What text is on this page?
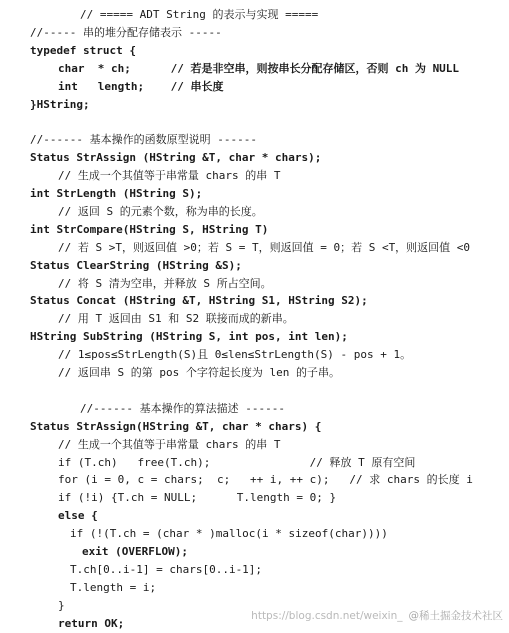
// ===== ADT String 的表示与实现 =====
//----- 串的堆分配存储表示 -----
typedef struct {
char  * ch;      // 若是非空串，则按串长分配存储区，否则 ch 为 NULL
int   length;    // 串长度
}HString;
//------ 基本操作的函数原型说明 ------
Status StrAssign (HString &T, char * chars);
// 生成一个其值等于串常量 chars 的串 T
int StrLength (HString S);
// 返回 S 的元素个数，称为串的长度。
int StrCompare(HString S, HString T)
// 若 S >T，则返回值 >0；若 S = T，则返回值 = 0；若 S <T，则返回值 <0
Status ClearString (HString &S);
// 将 S 清为空串，并释放 S 所占空间。
Status Concat (HString &T, HString S1, HString S2);
// 用 T 返回由 S1 和 S2 联接而成的新串。
HString SubString (HString S, int pos, int len);
// 1≤pos≤StrLength(S)且 0≤len≤StrLength(S) - pos + 1。
// 返回串 S 的第 pos 个字符起长度为 len 的子串。
//------ 基本操作的算法描述 ------
Status StrAssign(HString &T, char * chars) {
// 生成一个其值等于串常量 chars 的串 T
if (T.ch)   free(T.ch);               // 释放 T 原有空间
for (i = 0, c = chars;  c;   ++ i, ++ c);   // 求 chars 的长度 i
if (!i) {T.ch = NULL;      T.length = 0; }
else {
if (!(T.ch = (char * )malloc(i * sizeof(char))))
exit (OVERFLOW);
T.ch[0..i-1] = chars[0..i-1];
T.length = i;
}
return OK;
https://blog.csdn.net/weixin_ @稀土掘金技术社区
